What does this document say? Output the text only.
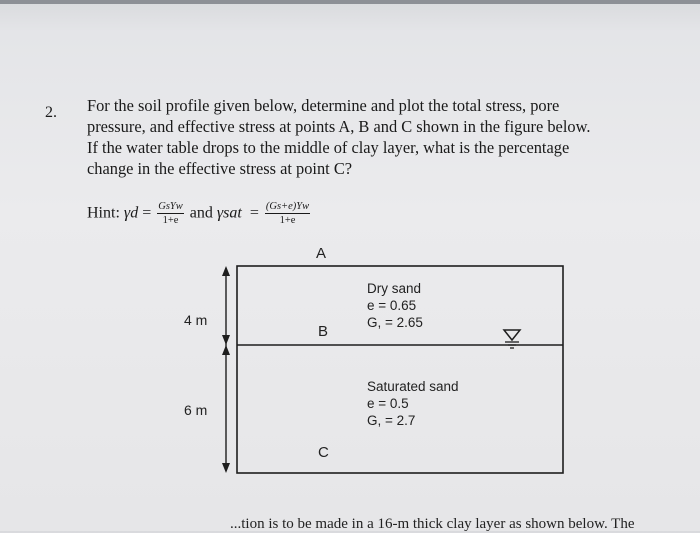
2. For the soil profile given below, determine and plot the total stress, pore
pressure, and effective stress at points A, B and C shown in the figure below.
If the water table drops to the middle of clay layer, what is the percentage
change in the effective stress at point C?
Hint: $\gamma d = \frac{\text{GsYw}}{1+e}$ and $\gamma sat = \frac{(Gs+e)Yw}{1+e}$
A
B
C
4 m
6 m
Dry sand
e = 0.65
G, = 2.65
Saturated sand
e = 0.5
G, = 2.7
...tion is to be made in a 16-m thick clay layer as shown below. The
